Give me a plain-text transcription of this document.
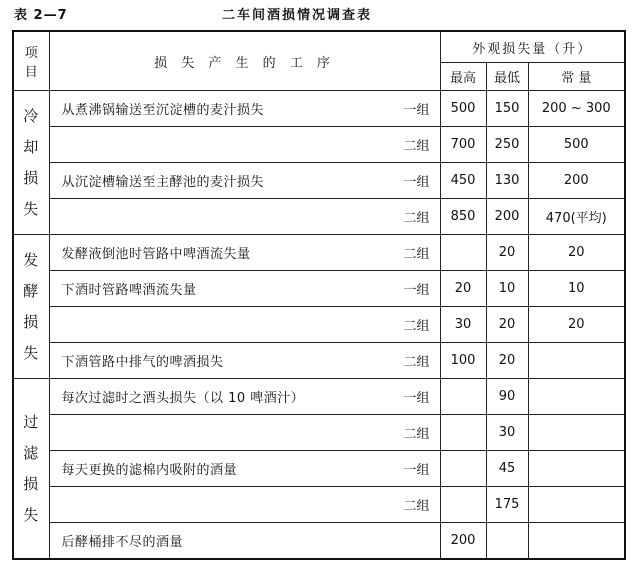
表 2—7	二车间酒损情况调查表
项目	损 失 产 生 的 工 序		外观损失量（升）		
			最高	最低	常 量
冷却损失	从煮沸锅输送至沉淀槽的麦汁损失	一组	500	150	200 ~ 300
		二组	700	250	500
	从沉淀槽输送至主酵池的麦汁损失	一组	450	130	200
		二组	850	200	470(平均)
发酵损失	发酵液倒池时管路中啤酒流失量	二组		20	20
	下酒时管路啤酒流失量	一组	20	10	10
		二组	30	20	20
	下酒管路中排气的啤酒损失	二组	100	20	
过滤损失	每次过滤时之酒头损失（以 10 啤酒汁）	一组		90	
		二组		30	
	每天更换的滤棉内吸附的酒量	一组		45	
		二组		175	
	后酵桶排不尽的酒量		200		
